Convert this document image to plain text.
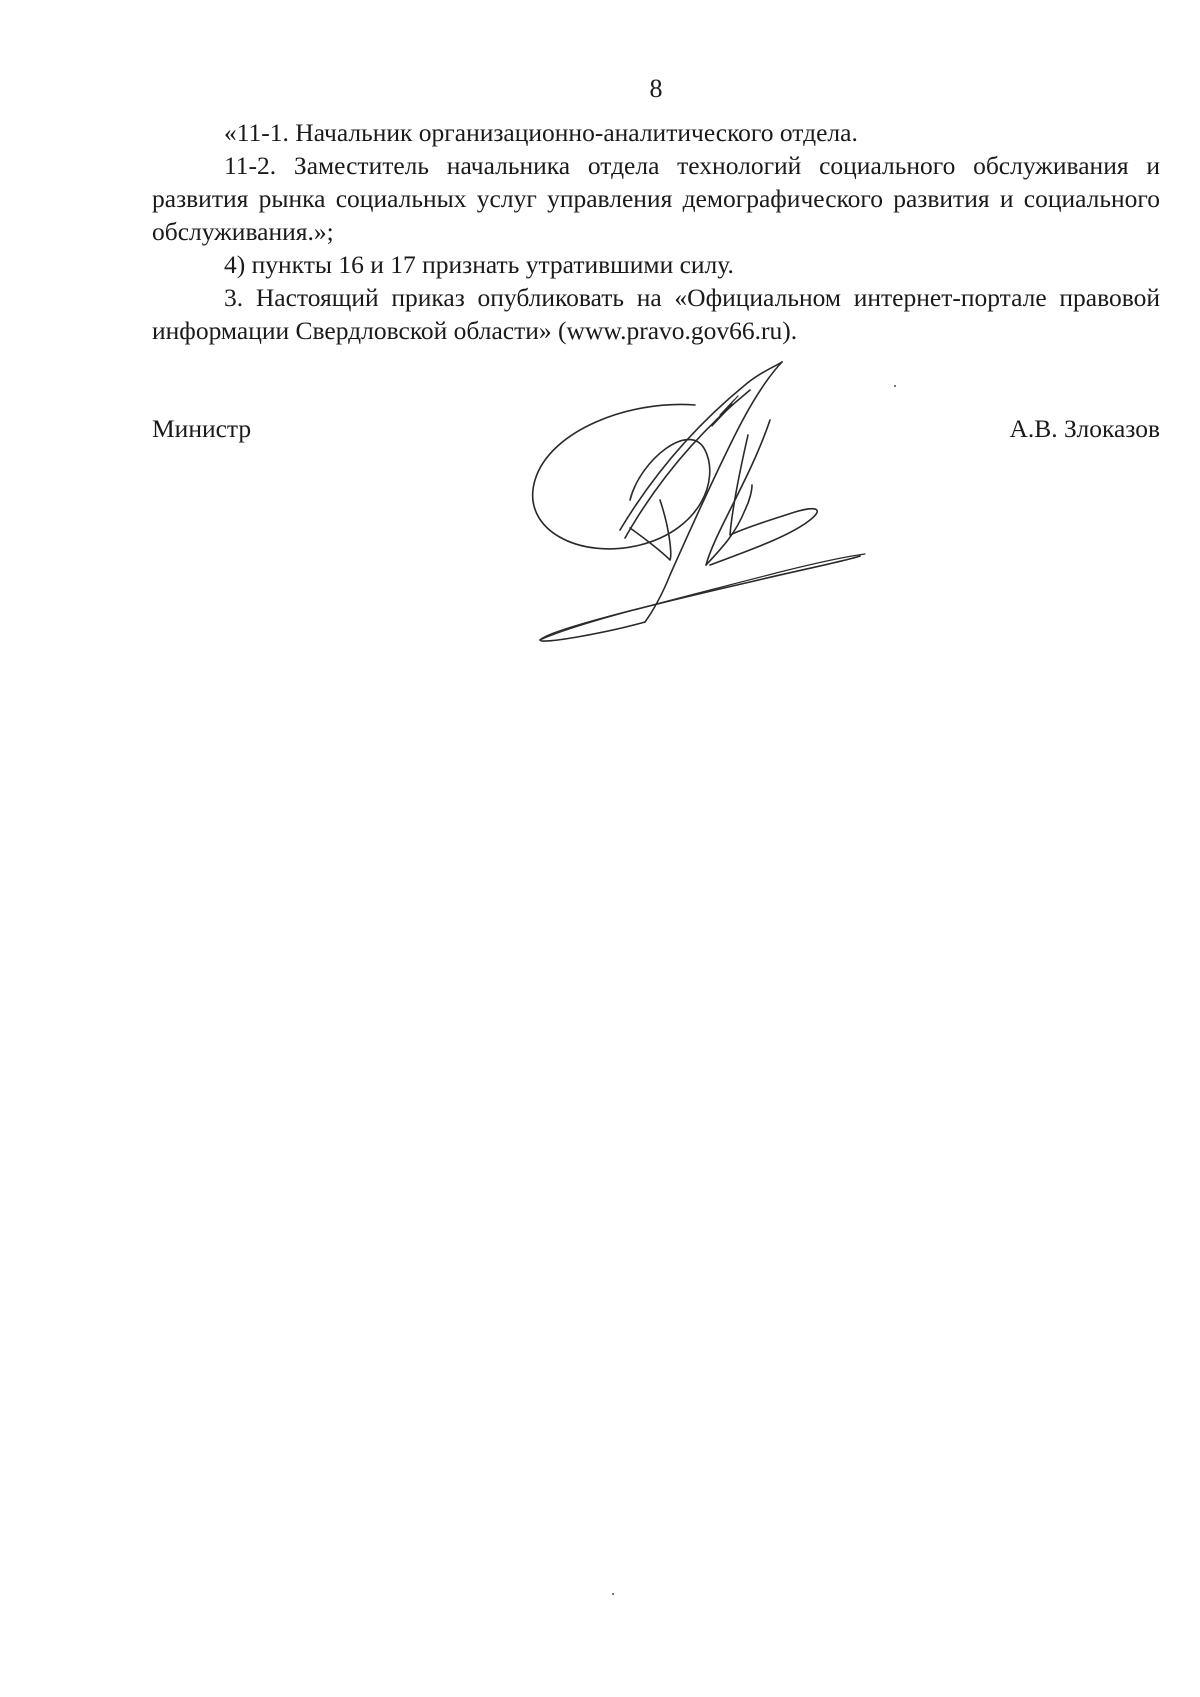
8

«11-1. Начальник организационно-аналитического отдела.

11-2. Заместитель начальника отдела технологий социального обслуживания и развития рынка социальных услуг управления демографического развития и социального обслуживания.»;

4) пункты 16 и 17 признать утратившими силу.

3. Настоящий приказ опубликовать на «Официальном интернет-портале правовой информации Свердловской области» (www.pravo.gov66.ru).

Министр	А.В. Злоказов
